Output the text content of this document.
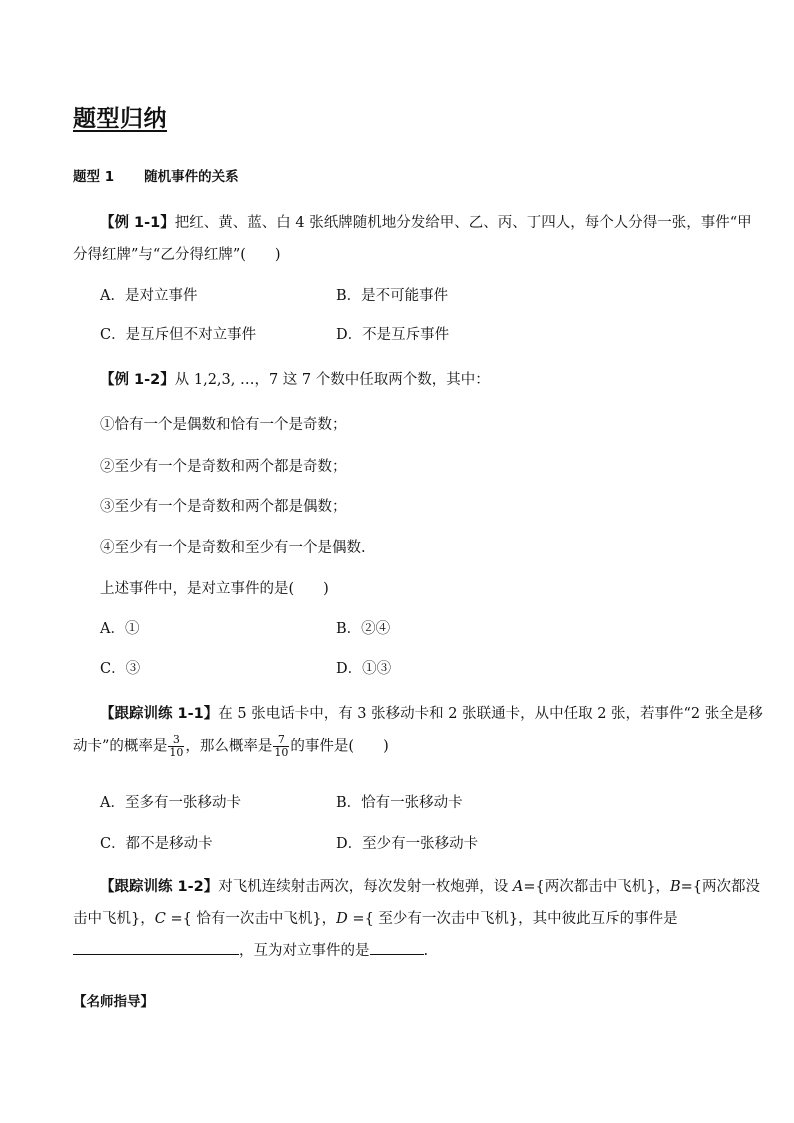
题型归纳
题型 1 随机事件的关系
【例 1-1】把红、黄、蓝、白 4 张纸牌随机地分发给甲、乙、丙、丁四人，每个人分得一张，事件“甲
分得红牌”与“乙分得红牌”(　　)
A．是对立事件	B．是不可能事件
C．是互斥但不对立事件	D．不是互斥事件
【例 1-2】从 1,2,3, …，7 这 7 个数中任取两个数，其中：
①恰有一个是偶数和恰有一个是奇数；
②至少有一个是奇数和两个都是奇数；
③至少有一个是奇数和两个都是偶数；
④至少有一个是奇数和至少有一个是偶数.
上述事件中，是对立事件的是(　　)
A．①	B．②④
C．③	D．①③
【跟踪训练 1-1】在 5 张电话卡中，有 3 张移动卡和 2 张联通卡，从中任取 2 张，若事件“2 张全是移
动卡”的概率是 $\frac{3}{10}$ ，那么概率是 $\frac{7}{10}$ 的事件是(　　)
A．至多有一张移动卡	B．恰有一张移动卡
C．都不是移动卡	D．至少有一张移动卡
【跟踪训练 1-2】对飞机连续射击两次，每次发射一枚炮弹，设 A={两次都击中飞机}，B={两次都没
击中飞机}，C ={ 恰有一次击中飞机}，D ={ 至少有一次击中飞机}，其中彼此互斥的事件是
，互为对立事件的是	.
【名师指导】
